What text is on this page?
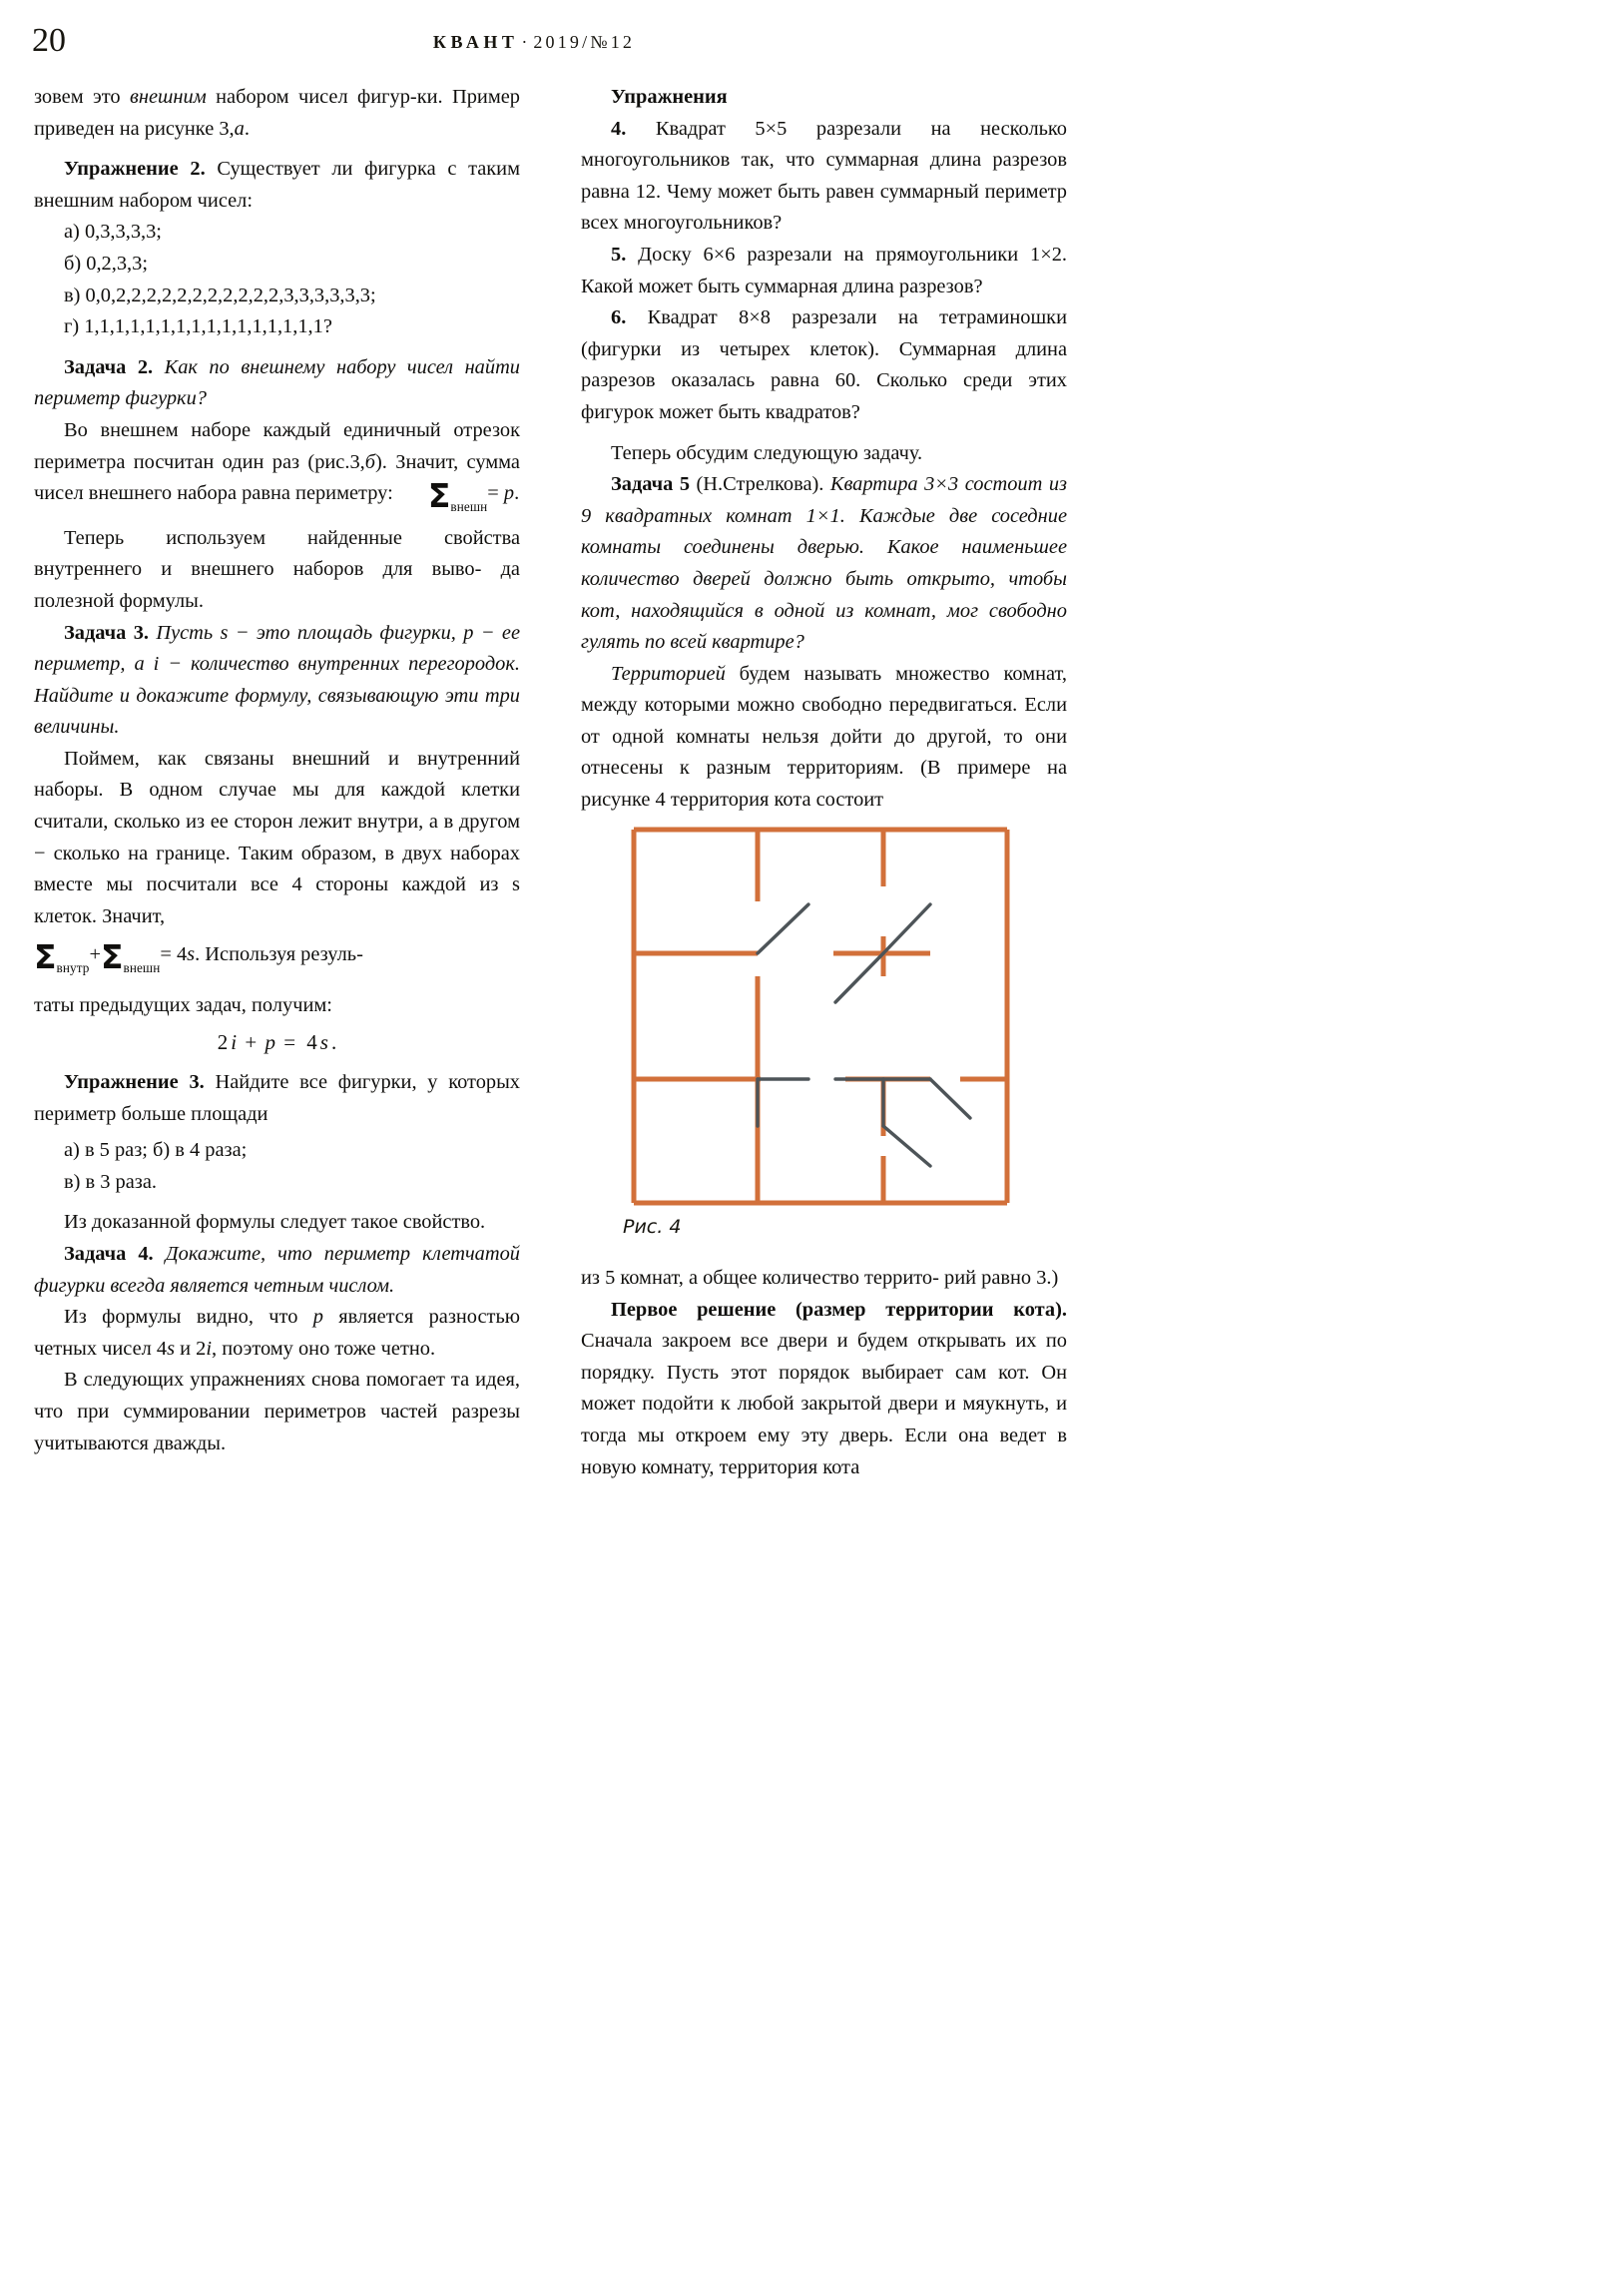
20	КВАНТ · 2019/№12

зовем это внешним набором чисел фигур-ки. Пример приведен на рисунке 3,а.

Упражнение 2. Существует ли фигурка с таким внешним набором чисел:

а) 0,3,3,3,3;

б) 0,2,3,3;

в) 0,0,2,2,2,2,2,2,2,2,2,2,2,3,3,3,3,3,3;

г) 1,1,1,1,1,1,1,1,1,1,1,1,1,1,1,1?

Задача 2. Как по внешнему набору чисел найти периметр фигурки?

Во внешнем наборе каждый единичный отрезок периметра посчитан один раз (рис.3,б). Значит, сумма чисел внешнего набора равна периметру: $\Sigma_{внешн}= p$.

Теперь используем найденные свойства внутреннего и внешнего наборов для выво- да полезной формулы.

Задача 3. Пусть s − это площадь фигурки, p − ее периметр, а i − количество внутренних перегородок. Найдите и докажите формулу, связывающую эти три величины.

Поймем, как связаны внешний и внутренний наборы. В одном случае мы для каждой клетки считали, сколько из ее сторон лежит внутри, а в другом − сколько на границе. Таким образом, в двух наборах вместе мы посчитали все 4 стороны каждой из s клеток. Значит,

$\Sigma_{внутр}+\Sigma_{внешн}= 4s$. Используя резуль-

таты предыдущих задач, получим:

2 i + p = 4 s .

Упражнение 3. Найдите все фигурки, у которых периметр больше площади

а) в 5 раз; б) в 4 раза;

в) в 3 раза.

Из доказанной формулы следует такое свойство.

Задача 4. Докажите, что периметр клетчатой фигурки всегда является четным числом.

Из формулы видно, что p является разностью четных чисел 4s и 2i, поэтому оно тоже четно.

В следующих упражнениях снова помогает та идея, что при суммировании периметров частей разрезы учитываются дважды.

Упражнения

4. Квадрат 5×5 разрезали на несколько многоугольников так, что суммарная длина разрезов равна 12. Чему может быть равен суммарный периметр всех многоугольников?

5. Доску 6×6 разрезали на прямоугольники 1×2. Какой может быть суммарная длина разрезов?

6. Квадрат 8×8 разрезали на тетраминошки (фигурки из четырех клеток). Суммарная длина разрезов оказалась равна 60. Сколько среди этих фигурок может быть квадратов?

Теперь обсудим следующую задачу.

Задача 5 (Н.Стрелкова). Квартира 3×3 состоит из 9 квадратных комнат 1×1. Каждые две соседние комнаты соединены дверью. Какое наименьшее количество дверей должно быть открыто, чтобы кот, находящийся в одной из комнат, мог свободно гулять по всей квартире?

Территорией будем называть множество комнат, между которыми можно свободно передвигаться. Если от одной комнаты нельзя дойти до другой, то они отнесены к разным территориям. (В примере на рисунке 4 территория кота состоит

Рис. 4

из 5 комнат, а общее количество террито- рий равно 3.)

Первое решение (размер территории кота). Сначала закроем все двери и будем открывать их по порядку. Пусть этот порядок выбирает сам кот. Он может подойти к любой закрытой двери и мяукнуть, и тогда мы откроем ему эту дверь. Если она ведет в новую комнату, территория кота
